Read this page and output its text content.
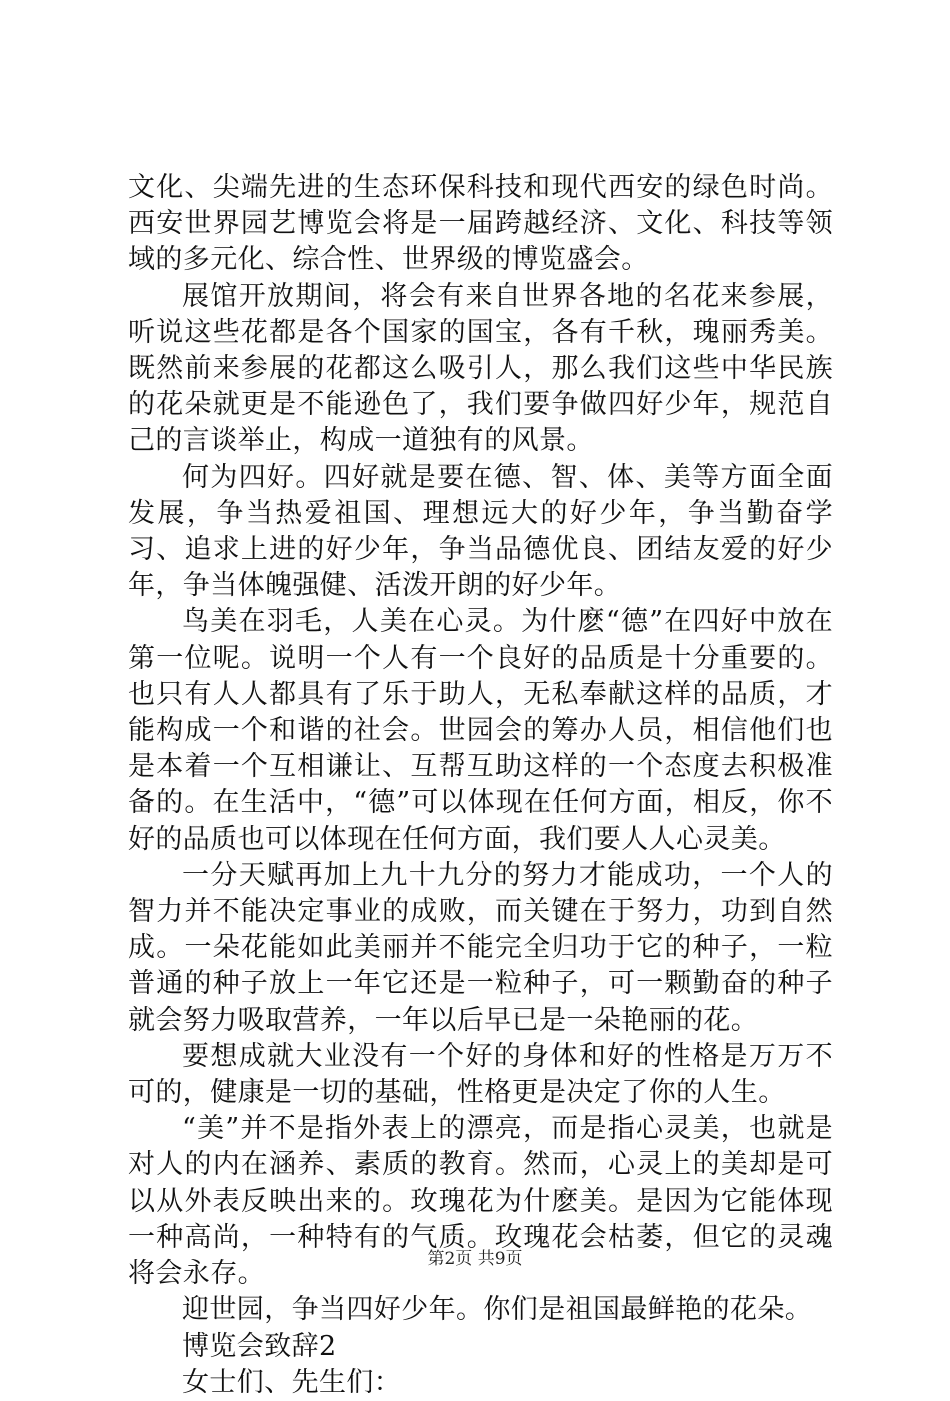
文化、尖端先进的生态环保科技和现代西安的绿色时尚。西安世界园艺博览会将是一届跨越经济、文化、科技等领域的多元化、综合性、世界级的博览盛会。

展馆开放期间，将会有来自世界各地的名花来参展，听说这些花都是各个国家的国宝，各有千秋，瑰丽秀美。既然前来参展的花都这么吸引人，那么我们这些中华民族的花朵就更是不能逊色了，我们要争做四好少年，规范自己的言谈举止，构成一道独有的风景。

何为四好。四好就是要在德、智、体、美等方面全面发展，争当热爱祖国、理想远大的好少年，争当勤奋学习、追求上进的好少年，争当品德优良、团结友爱的好少年，争当体魄强健、活泼开朗的好少年。

鸟美在羽毛，人美在心灵。为什麽“德”在四好中放在第一位呢。说明一个人有一个良好的品质是十分重要的。也只有人人都具有了乐于助人，无私奉献这样的品质，才能构成一个和谐的社会。世园会的筹办人员，相信他们也是本着一个互相谦让、互帮互助这样的一个态度去积极准备的。在生活中，“德”可以体现在任何方面，相反，你不好的品质也可以体现在任何方面，我们要人人心灵美。

一分天赋再加上九十九分的努力才能成功，一个人的智力并不能决定事业的成败，而关键在于努力，功到自然成。一朵花能如此美丽并不能完全归功于它的种子，一粒普通的种子放上一年它还是一粒种子，可一颗勤奋的种子就会努力吸取营养，一年以后早已是一朵艳丽的花。

要想成就大业没有一个好的身体和好的性格是万万不可的，健康是一切的基础，性格更是决定了你的人生。

“美”并不是指外表上的漂亮，而是指心灵美，也就是对人的内在涵养、素质的教育。然而，心灵上的美却是可以从外表反映出来的。玫瑰花为什麽美。是因为它能体现一种高尚，一种特有的气质。玫瑰花会枯萎，但它的灵魂将会永存。

迎世园，争当四好少年。你们是祖国最鲜艳的花朵。

博览会致辞2

女士们、先生们：

第2页 共9页
